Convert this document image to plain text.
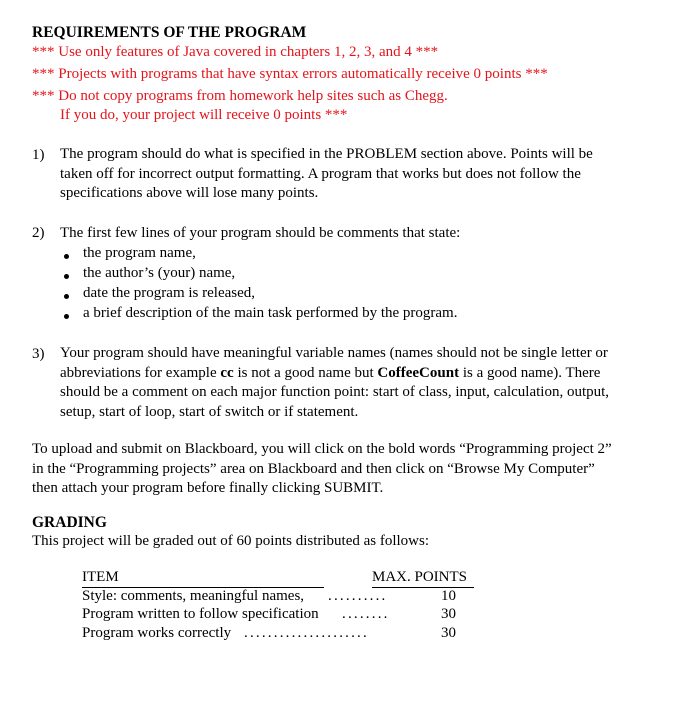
REQUIREMENTS OF THE PROGRAM
*** Use only features of Java covered in chapters 1, 2, 3, and 4 ***
*** Projects with programs that have syntax errors automatically receive 0 points ***
*** Do not copy programs from homework help sites such as Chegg.
If you do, your project will receive 0 points ***
1) The program should do what is specified in the PROBLEM section above. Points will be
taken off for incorrect output formatting. A program that works but does not follow the
specifications above will lose many points.
2) The first few lines of your program should be comments that state:
the program name,
the author’s (your) name,
date the program is released,
a brief description of the main task performed by the program.
3) Your program should have meaningful variable names (names should not be single letter or
abbreviations for example cc is not a good name but CoffeeCount is a good name). There
should be a comment on each major function point: start of class, input, calculation, output,
setup, start of loop, start of switch or if statement.
To upload and submit on Blackboard, you will click on the bold words “Programming project 2”
in the “Programming projects” area on Blackboard and then click on “Browse My Computer”
then attach your program before finally clicking SUBMIT.
GRADING
This project will be graded out of 60 points distributed as follows:
ITEM	MAX. POINTS
Style: comments, meaningful names, ..........	10
Program written to follow specification ........	30
Program works correctly .....................	30
